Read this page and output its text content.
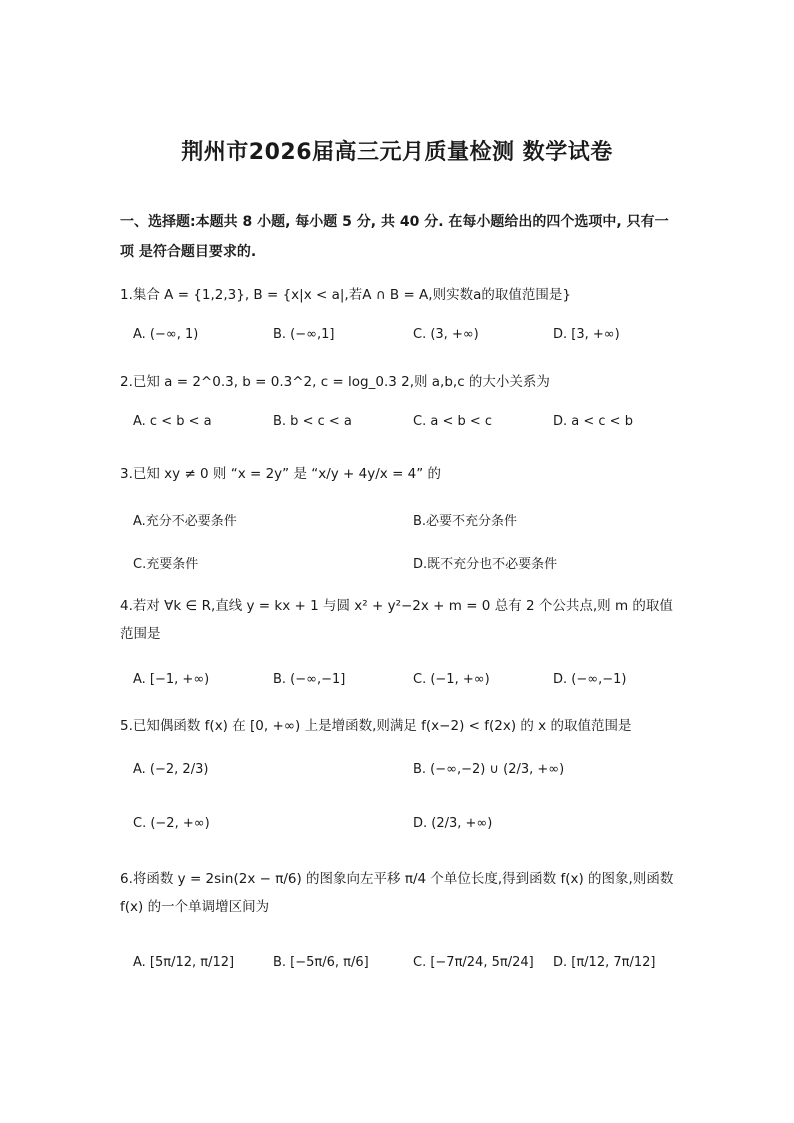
荆州市2026届高三元月质量检测 数学试卷
一、选择题:本题共 8 小题, 每小题 5 分, 共 40 分. 在每小题给出的四个选项中, 只有一项 是符合题目要求的.
1.集合 A = {1,2,3}, B = {x|x < a|,若A ∩ B = A,则实数a的取值范围是}
A. (−∞, 1)	B. (−∞,1]	C. (3, +∞)	D. [3, +∞)
2.已知 a = 2^0.3, b = 0.3^2, c = log_0.3 2,则 a,b,c 的大小关系为
A. c < b < a	B. b < c < a	C. a < b < c	D. a < c < b
3.已知 xy ≠ 0 则 “x = 2y” 是 “x/y + 4y/x = 4” 的
A.充分不必要条件	B.必要不充分条件
C.充要条件	D.既不充分也不必要条件
4.若对 ∀k ∈ R,直线 y = kx + 1 与圆 x² + y²−2x + m = 0 总有 2 个公共点,则 m 的取值范围是
A. [−1, +∞)	B. (−∞,−1]	C. (−1, +∞)	D. (−∞,−1)
5.已知偶函数 f(x) 在 [0, +∞) 上是增函数,则满足 f(x−2) < f(2x) 的 x 的取值范围是
A. (−2, 2/3)	B. (−∞,−2) ∪ (2/3, +∞)
C. (−2, +∞)	D. (2/3, +∞)
6.将函数 y = 2sin(2x − π/6) 的图象向左平移 π/4 个单位长度,得到函数 f(x) 的图象,则函数 f(x) 的一个单调增区间为
A. [5π/12, π/12]	B. [−5π/6, π/6]	C. [−7π/24, 5π/24] D. [π/12, 7π/12]
